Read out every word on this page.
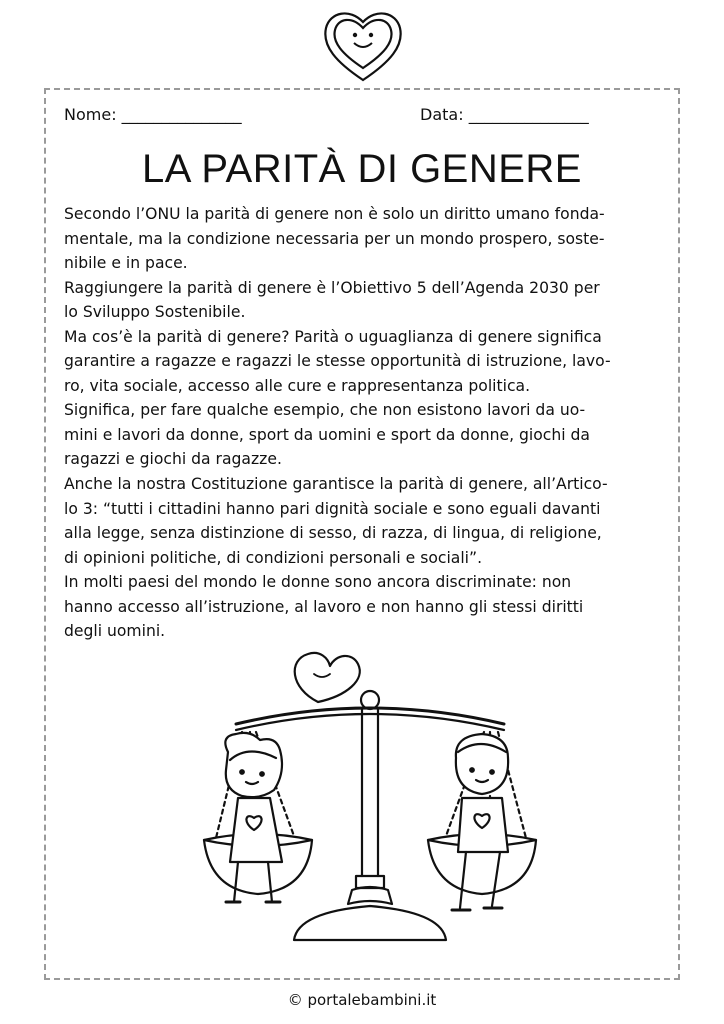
Nome: _______________	Data: _______________
LA PARITÀ DI GENERE
Secondo l’ONU la parità di genere non è solo un diritto umano fonda-
mentale, ma la condizione necessaria per un mondo prospero, soste-
nibile e in pace.
Raggiungere la parità di genere è l’Obiettivo 5 dell’Agenda 2030 per
lo Sviluppo Sostenibile.
Ma cos’è la parità di genere? Parità o uguaglianza di genere significa
garantire a ragazze e ragazzi le stesse opportunità di istruzione, lavo-
ro, vita sociale, accesso alle cure e rappresentanza politica.
Significa, per fare qualche esempio, che non esistono lavori da uo-
mini e lavori da donne, sport da uomini e sport da donne, giochi da
ragazzi e giochi da ragazze.
Anche la nostra Costituzione garantisce la parità di genere, all’Artico-
lo 3: “tutti i cittadini hanno pari dignità sociale e sono eguali davanti
alla legge, senza distinzione di sesso, di razza, di lingua, di religione,
di opinioni politiche, di condizioni personali e sociali”.
In molti paesi del mondo le donne sono ancora discriminate: non
hanno accesso all’istruzione, al lavoro e non hanno gli stessi diritti
degli uomini.
© portalebambini.it
